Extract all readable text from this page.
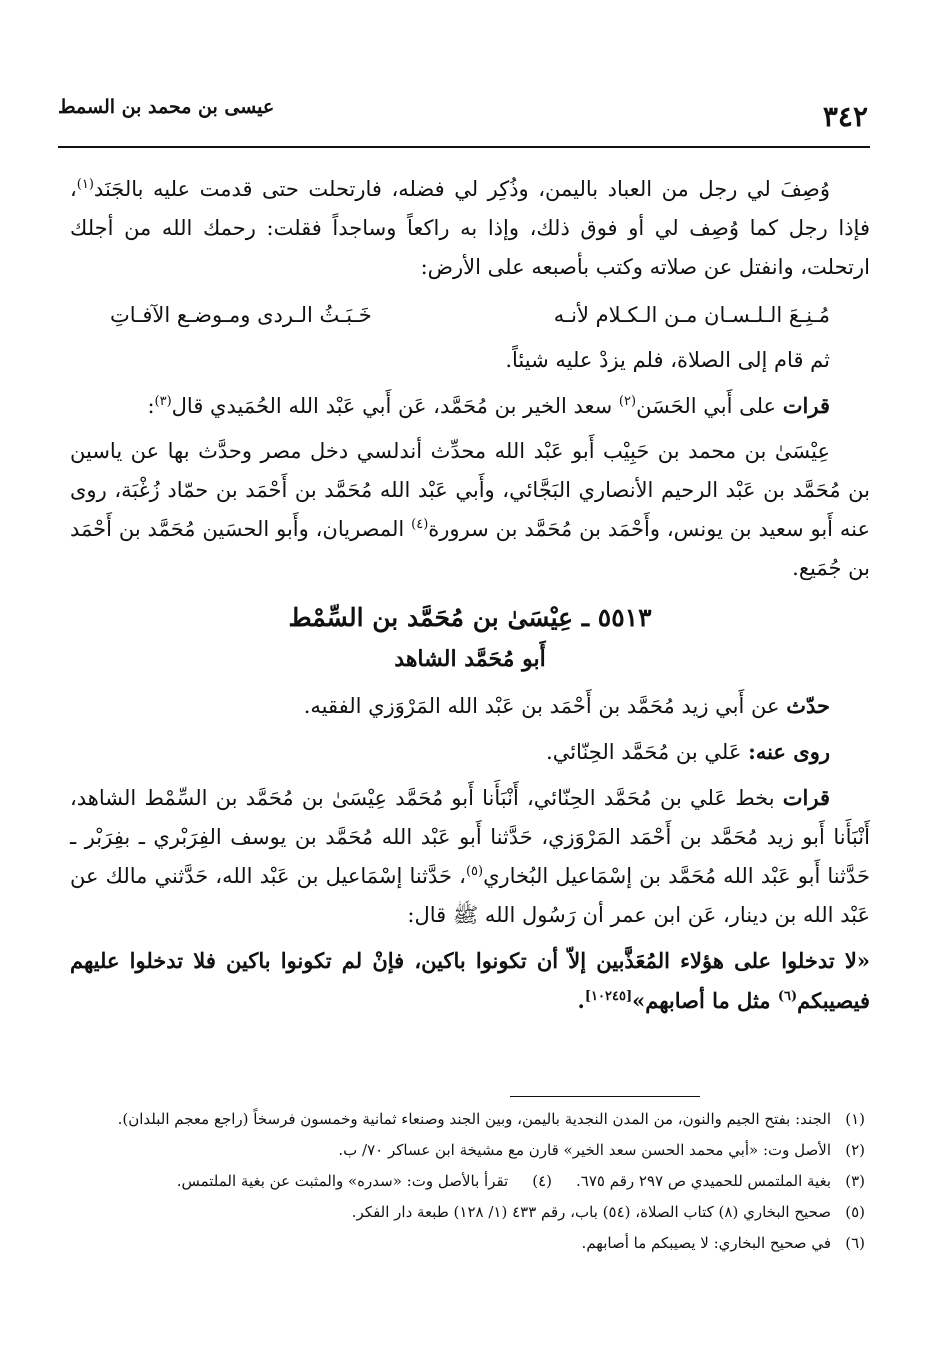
٣٤٢
عيسى بن محمد بن السمط

وُصِفَ لي رجل من العباد باليمن، وذُكِر لي فضله، فارتحلت حتى قدمت عليه بالجَنَد$^{(١)}$، فإذا رجل كما وُصِف لي أو فوق ذلك، وإذا به راكعاً وساجداً فقلت: رحمك الله من أجلك ارتحلت، وانفتل عن صلاته وكتب بأصبعه على الأرض:

مُـنِـعَ الـلـسـان مـن الـكـلام لأنـه
خَـبَـثُ الـردى ومـوضـع الآفـاتِ

ثم قام إلى الصلاة، فلم يزدْ عليه شيئاً.

قرات على أَبي الحَسَن$^{(٢)}$ سعد الخير بن مُحَمَّد، عَن أَبي عَبْد الله الحُمَيدي قال$^{(٣)}$:

عِيْسَىٰ بن محمد بن حَبِيْب أَبو عَبْد الله محدِّث أندلسي دخل مصر وحدَّث بها عن ياسين بن مُحَمَّد بن عَبْد الرحيم الأنصاري البَجَّائي، وأَبي عَبْد الله مُحَمَّد بن أَحْمَد بن حمّاد زُغْبَة، روى عنه أَبو سعيد بن يونس، وأَحْمَد بن مُحَمَّد بن سرورة$^{(٤)}$ المصريان، وأَبو الحسَين مُحَمَّد بن أَحْمَد بن جُمَيع.

٥٥١٣ ـ عِيْسَىٰ بن مُحَمَّد بن السِّمْط
أَبو مُحَمَّد الشاهد

حدّث عن أَبي زيد مُحَمَّد بن أَحْمَد بن عَبْد الله المَرْوَزي الفقيه.

روى عنه: عَلي بن مُحَمَّد الحِنّائي.

قرات بخط عَلي بن مُحَمَّد الحِنّائي، أَنْبَأَنا أَبو مُحَمَّد عِيْسَىٰ بن مُحَمَّد بن السِّمْط الشاهد، أَنْبَأَنا أَبو زيد مُحَمَّد بن أَحْمَد المَرْوَزي، حَدَّثنا أَبو عَبْد الله مُحَمَّد بن يوسف الفِرَبْري ـ بفِرَبْر ـ حَدَّثنا أَبو عَبْد الله مُحَمَّد بن إسْمَاعيل البُخاري$^{(٥)}$، حَدَّثنا إسْمَاعيل بن عَبْد الله، حَدَّثني مالك عن عَبْد الله بن دينار، عَن ابن عمر أن رَسُول الله ﷺ قال:

«لا تدخلوا على هؤلاء المُعَذَّبين إلاّ أن تكونوا باكين، فإنْ لم تكونوا باكين فلا تدخلوا عليهم فيصيبكم$^{(٦)}$ مثل ما أصابهم»[١٠٢٤٥].

(١)
الجند: بفتح الجيم والنون، من المدن النجدية باليمن، وبين الجند وصنعاء ثمانية وخمسون فرسخاً (راجع معجم البلدان).
(٢)
الأصل وت: «أبي محمد الحسن سعد الخير» قارن مع مشيخة ابن عساكر ٧٠/ ب.
(٣)
بغية الملتمس للحميدي ص ٢٩٧ رقم ٦٧٥.
(٤)
تقرأ بالأصل وت: «سدره» والمثبت عن بغية الملتمس.
(٥)
صحيح البخاري (٨) كتاب الصلاة، (٥٤) باب، رقم ٤٣٣ (١/ ١٢٨) طبعة دار الفكر.
(٦)
في صحيح البخاري: لا يصيبكم ما أصابهم.
